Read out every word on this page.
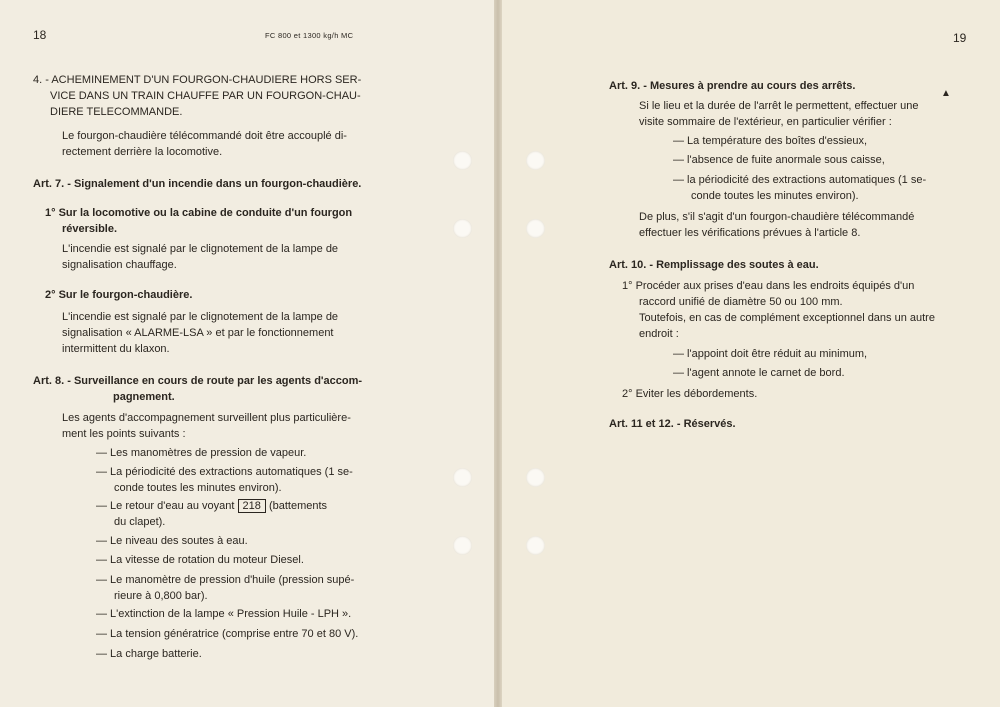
18	FC 800 et 1300 kg/h MC
4. - ACHEMINEMENT D'UN FOURGON-CHAUDIERE HORS SER-
VICE DANS UN TRAIN CHAUFFE PAR UN FOURGON-CHAU-
DIERE TELECOMMANDE.
Le fourgon-chaudière télécommandé doit être accouplé di-
rectement derrière la locomotive.
Art. 7. - Signalement d'un incendie dans un fourgon-chaudière.
1° Sur la locomotive ou la cabine de conduite d'un fourgon
réversible.
L'incendie est signalé par le clignotement de la lampe de
signalisation chauffage.
2° Sur le fourgon-chaudière.
L'incendie est signalé par le clignotement de la lampe de
signalisation « ALARME-LSA » et par le fonctionnement
intermittent du klaxon.
Art. 8. - Surveillance en cours de route par les agents d'accom-
pagnement.
Les agents d'accompagnement surveillent plus particulière-
ment les points suivants :
— Les manomètres de pression de vapeur.
— La périodicité des extractions automatiques (1 se-
conde toutes les minutes environ).
— Le retour d'eau au voyant 218 (battements
du clapet).
— Le niveau des soutes à eau.
— La vitesse de rotation du moteur Diesel.
— Le manomètre de pression d'huile (pression supé-
rieure à 0,800 bar).
— L'extinction de la lampe « Pression Huile - LPH ».
— La tension génératrice (comprise entre 70 et 80 V).
— La charge batterie.
19
▲
Art. 9. - Mesures à prendre au cours des arrêts.
Si le lieu et la durée de l'arrêt le permettent, effectuer une
visite sommaire de l'extérieur, en particulier vérifier :
— La température des boîtes d'essieux,
— l'absence de fuite anormale sous caisse,
— la périodicité des extractions automatiques (1 se-
conde toutes les minutes environ).
De plus, s'il s'agit d'un fourgon-chaudière télécommandé
effectuer les vérifications prévues à l'article 8.
Art. 10. - Remplissage des soutes à eau.
1° Procéder aux prises d'eau dans les endroits équipés d'un
raccord unifié de diamètre 50 ou 100 mm.
Toutefois, en cas de complément exceptionnel dans un autre
endroit :
— l'appoint doit être réduit au minimum,
— l'agent annote le carnet de bord.
2° Eviter les débordements.
Art. 11 et 12. - Réservés.
